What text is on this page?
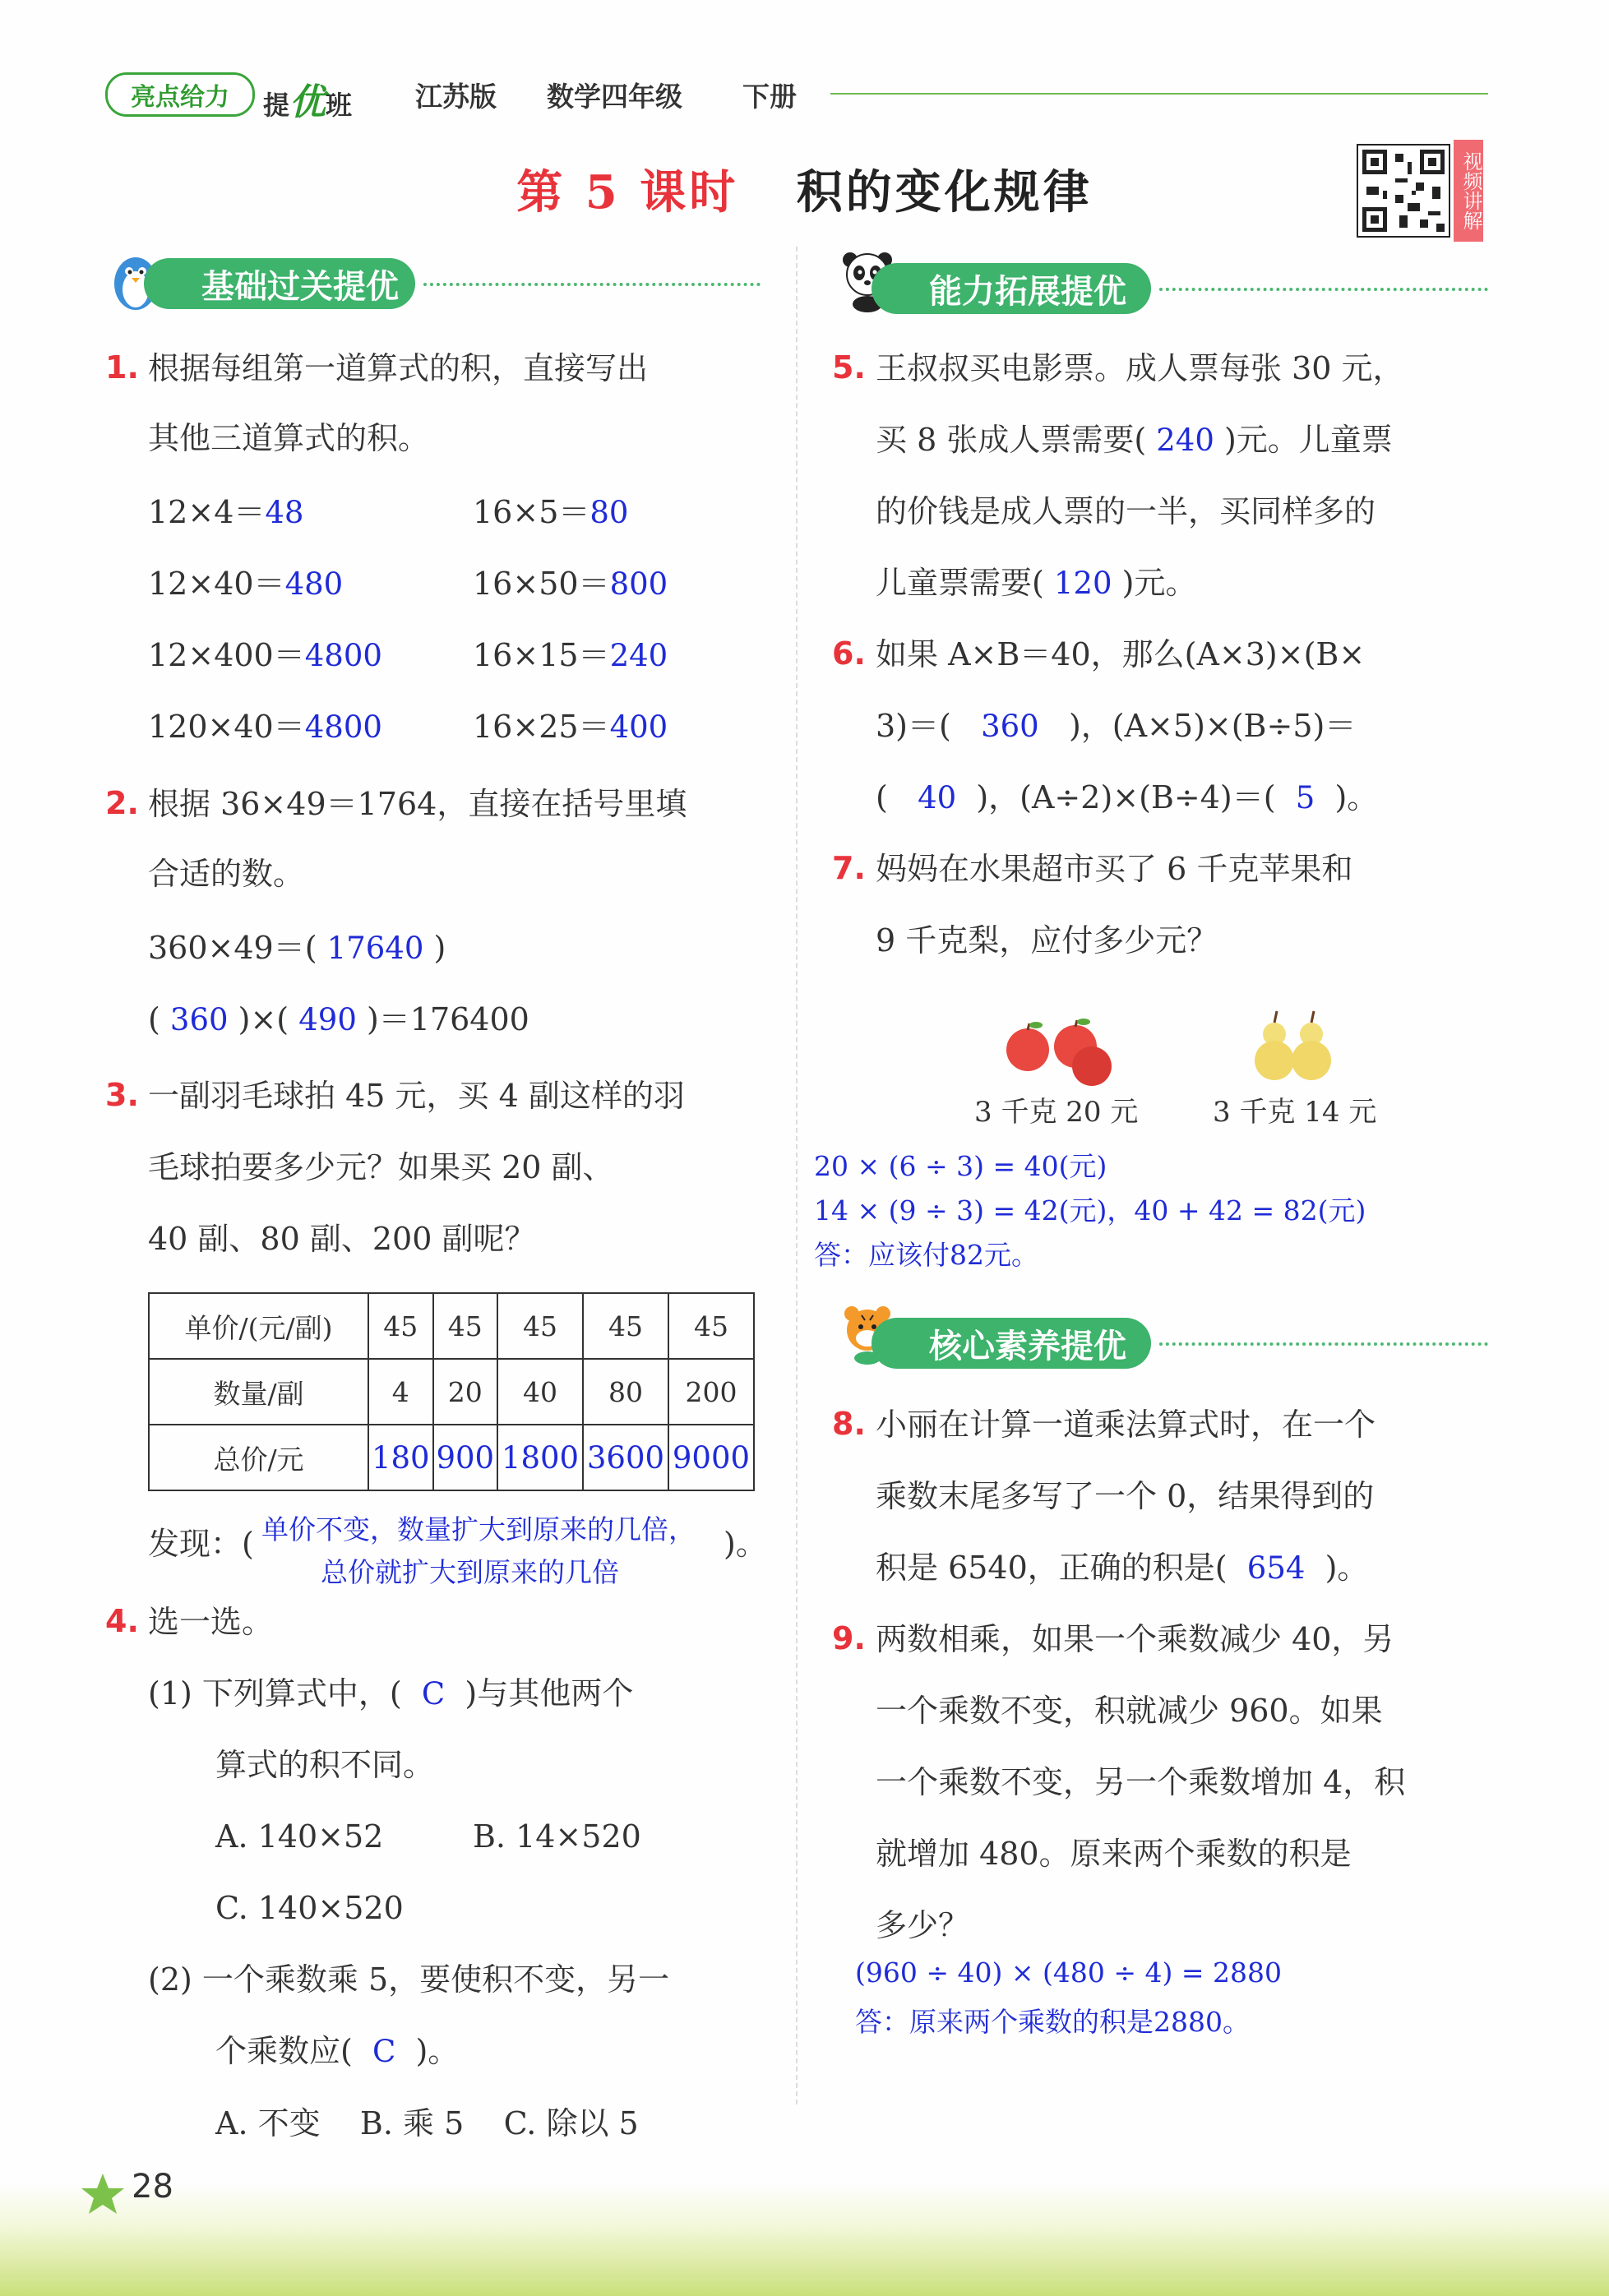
亮点给力	提优班 江苏版 数学四年级 下册
第 5 课时 积的变化规律	视频讲解
基础过关提优	能力拓展提优
1. 根据每组第一道算式的积，直接写出
其他三道算式的积。
12×4＝48	16×5＝80
12×40＝480	16×50＝800
12×400＝4800	16×15＝240
120×40＝4800	16×25＝400
2. 根据 36×49＝1764，直接在括号里填
合适的数。
360×49＝( 17640 )
( 360 )×( 490 )＝176400
3. 一副羽毛球拍 45 元，买 4 副这样的羽
毛球拍要多少元？如果买 20 副、
40 副、80 副、200 副呢？
单价/(元/副)	45	45	45	45	45
数量/副	4	20	40	80	200
总价/元	180	900	1800	3600	9000
发现：( 单价不变，数量扩大到原来的几倍，
总价就扩大到原来的几倍
)。
4. 选一选。
(1) 下列算式中，( C )与其他两个
算式的积不同。
A. 140×52	B. 14×520
C. 140×520
(2) 一个乘数乘 5，要使积不变，另一
个乘数应( C )。
A. 不变    B. 乘 5    C. 除以 5
5. 王叔叔买电影票。成人票每张 30 元，
买 8 张成人票需要( 240 )元。儿童票
的价钱是成人票的一半，买同样多的
儿童票需要( 120 )元。
6. 如果 A×B＝40，那么(A×3)×(B×
3)＝( 360 )，(A×5)×(B÷5)＝
( 40 )，(A÷2)×(B÷4)＝( 5 )。
7. 妈妈在水果超市买了 6 千克苹果和
9 千克梨，应付多少元？
3 千克 20 元	3 千克 14 元
20 × (6 ÷ 3) = 40(元)
14 × (9 ÷ 3) = 42(元)，40 + 42 = 82(元)
答：应该付82元。
核心素养提优
8. 小丽在计算一道乘法算式时，在一个
乘数末尾多写了一个 0，结果得到的
积是 6540，正确的积是( 654 )。
9. 两数相乘，如果一个乘数减少 40，另
一个乘数不变，积就减少 960。如果
一个乘数不变，另一个乘数增加 4，积
就增加 480。原来两个乘数的积是
多少？
(960 ÷ 40) × (480 ÷ 4) = 2880
答：原来两个乘数的积是2880。
28
